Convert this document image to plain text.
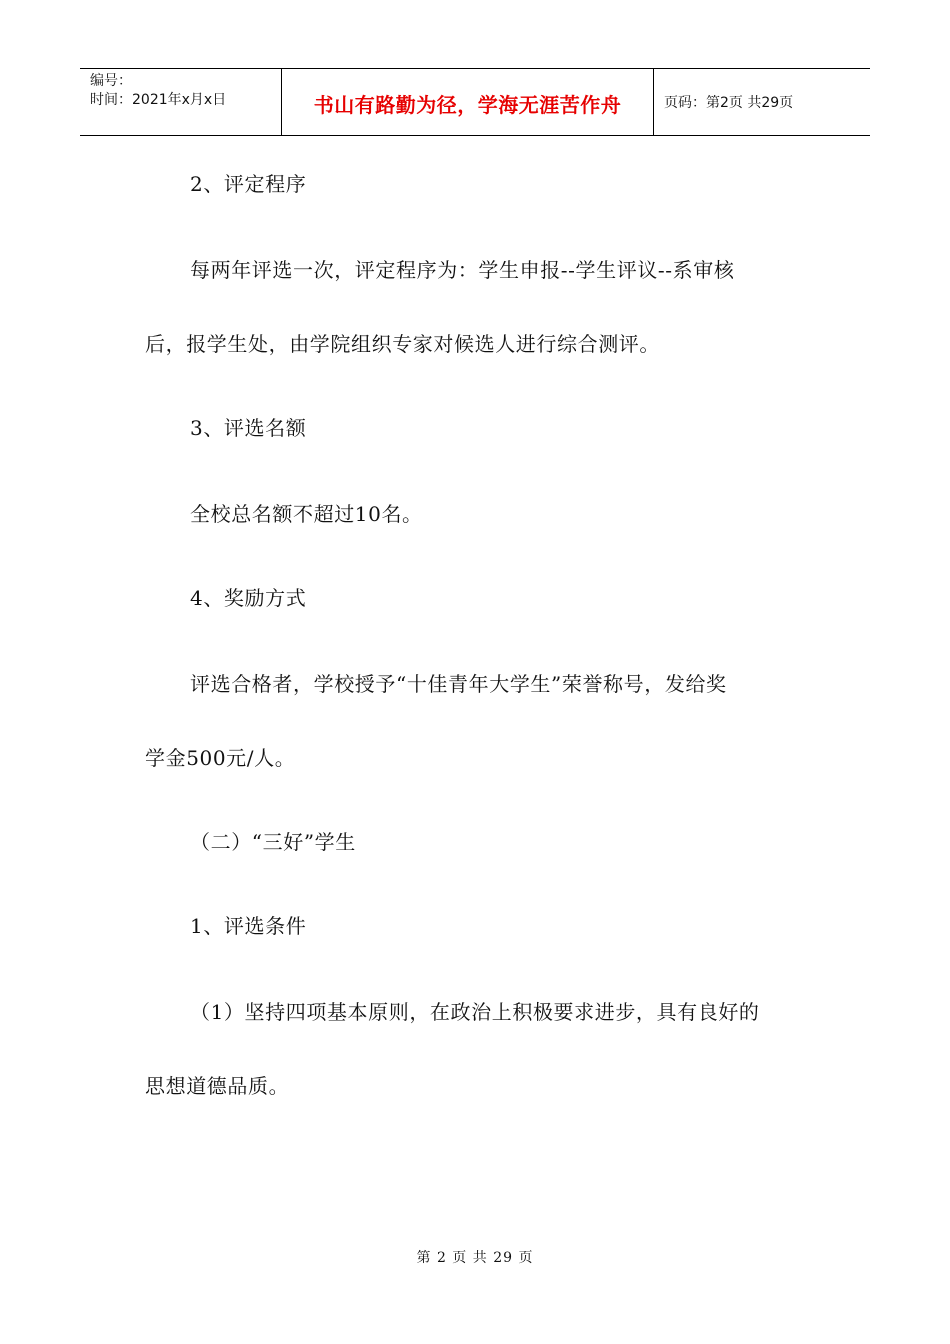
编号：
时间：2021年x月x日	书山有路勤为径，学海无涯苦作舟	页码：第2页 共29页
2、评定程序
每两年评选一次，评定程序为：学生申报--学生评议--系审核
后，报学生处，由学院组织专家对候选人进行综合测评。
3、评选名额
全校总名额不超过10名。
4、奖励方式
评选合格者，学校授予“十佳青年大学生”荣誉称号，发给奖
学金500元/人。
（二）“三好”学生
1、评选条件
（1）坚持四项基本原则，在政治上积极要求进步，具有良好的
思想道德品质。
第 2 页 共 29 页
